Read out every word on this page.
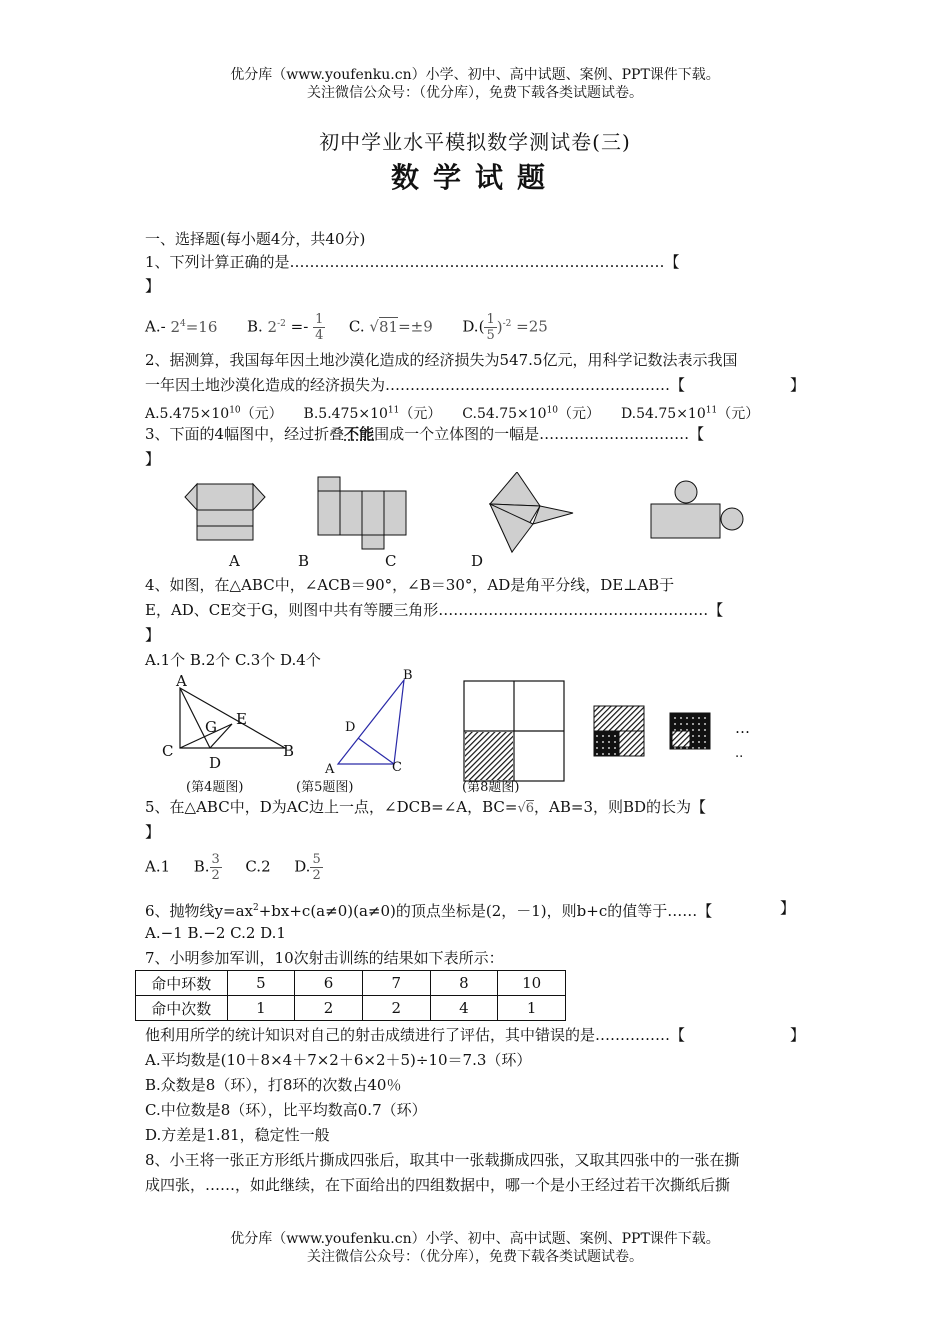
优分库（www.youfenku.cn）小学、初中、高中试题、案例、PPT课件下载。
关注微信公众号：（优分库），免费下载各类试题试卷。
初中学业水平模拟数学测试卷(三)
数学试题
一、选择题(每小题4分，共40分)
1、下列计算正确的是…………………………………………………………………【
】
A.- $2^4=16$ B. $2^{-2} =- \frac{1}{4} C$. √81=±9 $D.( \frac{1}{5} )^{-2} =25$
2、据测算，我国每年因土地沙漠化造成的经济损失为547.5亿元，用科学记数法表示我国
一年因土地沙漠化造成的经济损失为…………………………………………………【	】
$A.5.475\times 10^{10}$（元） $B.5.475\times 10^{11}$（元） $C.54.75\times 10^{10}$（元） $D.54.75\times 10^{11}$（元）
3、下面的4幅图中，经过折叠不能围成一个立体图的一幅是…………………………【
】
A	B	C	D
4、如图，在△ABC中，∠ACB＝90°，∠B＝30°，AD是角平分线，DE⊥AB于
E，AD、CE交于G，则图中共有等腰三角形………………………………………………【
】
A.1个 B.2个 C.3个 D.4个
A
G E
C
D
B
(第4题图)
B
D
A	C
(第5题图)
…
..
(第8题图)
5、在△ABC中，D为AC边上一点，∠DCB=∠A，BC=√6，AB=3，则BD的长为【
】
A.1 B. $\frac{3}{2} C.2$ D. $\frac{5}{2}$
6、抛物线$y=ax^2+bx+c(a\ne 0)(a\ne 0)$的顶点坐标是(2，－1)，则b+c的值等于……【	】
A.−1 B.−2 C.2 D.1
7、小明参加军训，10次射击训练的结果如下表所示：
命中环数	5	6	7	8	10
命中次数	1	2	2	4	1
他利用所学的统计知识对自己的射击成绩进行了评估，其中错误的是……………【	】
A.平均数是(10＋8×4＋7×2＋6×2＋5)÷10＝7.3（环）
B.众数是8（环），打8环的次数占40％
C.中位数是8（环），比平均数高0.7（环）
D.方差是1.81，稳定性一般
8、小王将一张正方形纸片撕成四张后，取其中一张载撕成四张，又取其四张中的一张在撕
成四张，……，如此继续，在下面给出的四组数据中，哪一个是小王经过若干次撕纸后撕
优分库（www.youfenku.cn）小学、初中、高中试题、案例、PPT课件下载。
关注微信公众号：（优分库），免费下载各类试题试卷。
